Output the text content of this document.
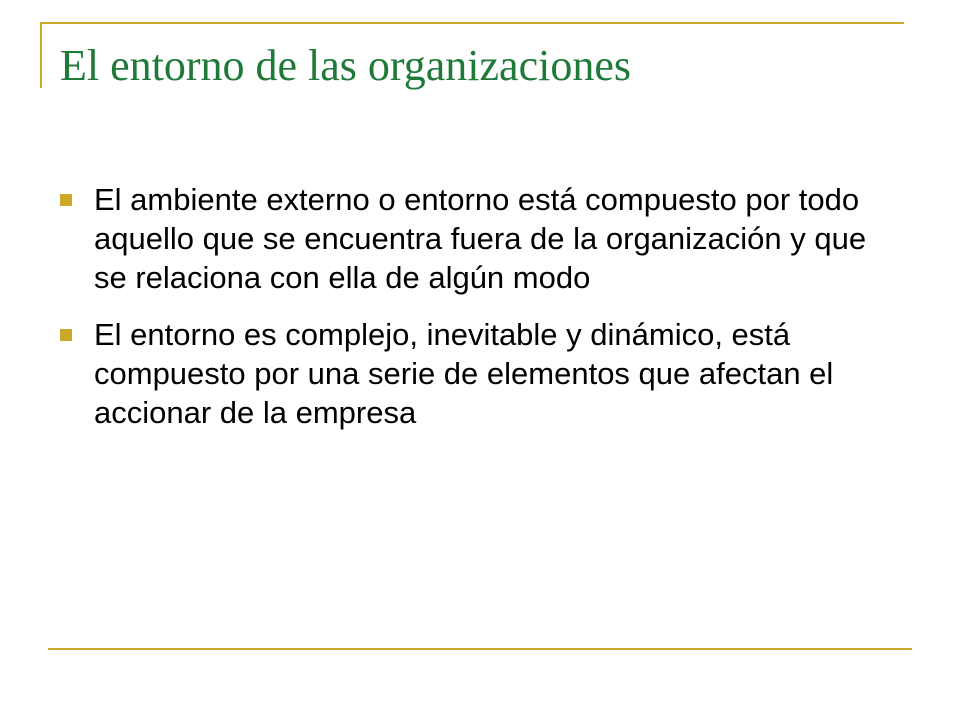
El entorno de las organizaciones
El ambiente externo o entorno está compuesto por todo aquello que se encuentra fuera de la organización y que se relaciona con ella de algún modo
El entorno es complejo, inevitable y dinámico, está compuesto por una serie de elementos que afectan el accionar de la empresa
